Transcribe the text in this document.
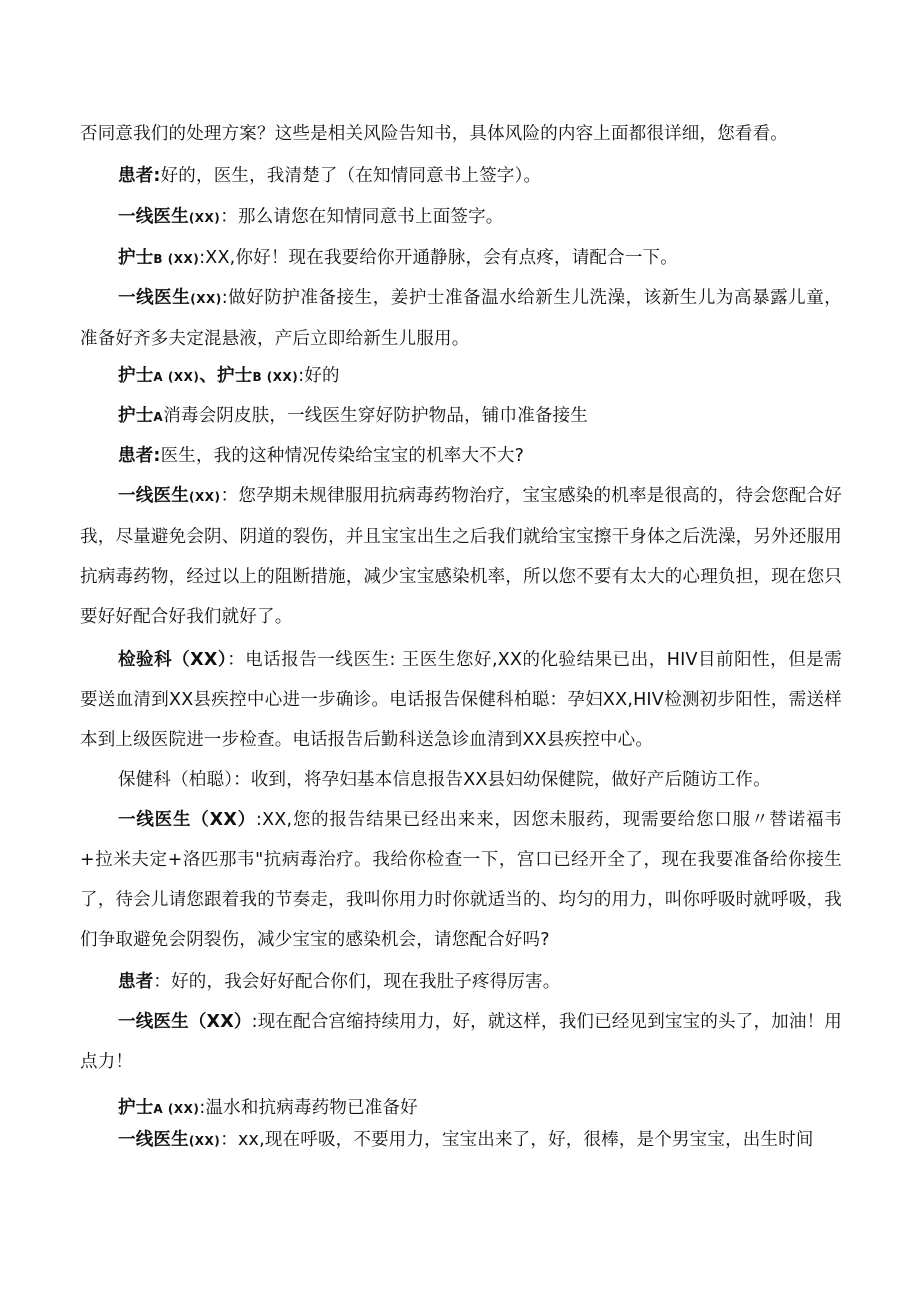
否同意我们的处理方案？这些是相关风险告知书，具体风险的内容上面都很详细，您看看。

患者:好的，医生，我清楚了（在知情同意书上签字）。

一线医生(XX)：那么请您在知情同意书上面签字。

护士B (XX):XX,你好！现在我要给你开通静脉，会有点疼，请配合一下。

一线医生(XX):做好防护准备接生，姜护士准备温水给新生儿洗澡，该新生儿为高暴露儿童，准备好齐多夫定混悬液，产后立即给新生儿服用。

护士A (XX)、护士B (XX):好的

护士A消毒会阴皮肤，一线医生穿好防护物品，铺巾准备接生

患者:医生，我的这种情况传染给宝宝的机率大不大?

一线医生(XX)：您孕期未规律服用抗病毒药物治疗，宝宝感染的机率是很高的，待会您配合好我，尽量避免会阴、阴道的裂伤，并且宝宝出生之后我们就给宝宝擦干身体之后洗澡，另外还服用抗病毒药物，经过以上的阻断措施，减少宝宝感染机率，所以您不要有太大的心理负担，现在您只要好好配合好我们就好了。

检验科（XX）：电话报告一线医生: 王医生您好,XX的化验结果已出，HIV目前阳性，但是需要送血清到XX县疾控中心进一步确诊。电话报告保健科柏聪：孕妇XX,HIV检测初步阳性，需送样本到上级医院进一步检查。电话报告后勤科送急诊血清到XX县疾控中心。

保健科（柏聪）：收到，将孕妇基本信息报告XX县妇幼保健院，做好产后随访工作。

一线医生（XX）:XX,您的报告结果已经出来来，因您未服药，现需要给您口服〃替诺福韦+拉米夫定+洛匹那韦"抗病毒治疗。我给你检查一下，宫口已经开全了，现在我要准备给你接生了，待会儿请您跟着我的节奏走，我叫你用力时你就适当的、均匀的用力，叫你呼吸时就呼吸，我们争取避免会阴裂伤，减少宝宝的感染机会，请您配合好吗?

患者：好的，我会好好配合你们，现在我肚子疼得厉害。

一线医生（XX）:现在配合宫缩持续用力，好，就这样，我们已经见到宝宝的头了，加油！用点力！

护士A (XX):温水和抗病毒药物已准备好

一线医生(XX)：xx,现在呼吸，不要用力，宝宝出来了，好，很棒，是个男宝宝，出生时间
